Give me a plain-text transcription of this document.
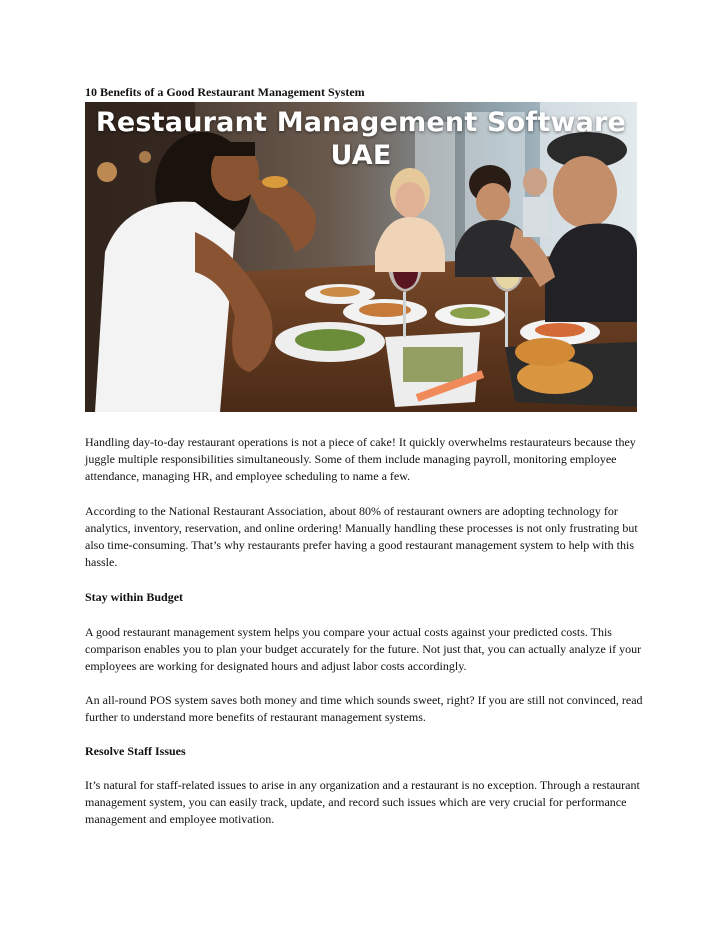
10 Benefits of a Good Restaurant Management System
Restaurant Management Software
UAE

Handling day-to-day restaurant operations is not a piece of cake! It quickly overwhelms restaurateurs because they juggle multiple responsibilities simultaneously. Some of them include managing payroll, monitoring employee attendance, managing HR, and employee scheduling to name a few.

According to the National Restaurant Association, about 80% of restaurant owners are adopting technology for analytics, inventory, reservation, and online ordering! Manually handling these processes is not only frustrating but also time-consuming. That’s why restaurants prefer having a good restaurant management system to help with this hassle.

Stay within Budget

A good restaurant management system helps you compare your actual costs against your predicted costs. This comparison enables you to plan your budget accurately for the future. Not just that, you can actually analyze if your employees are working for designated hours and adjust labor costs accordingly.

An all-round POS system saves both money and time which sounds sweet, right? If you are still not convinced, read further to understand more benefits of restaurant management systems.

Resolve Staff Issues

It’s natural for staff-related issues to arise in any organization and a restaurant is no exception. Through a restaurant management system, you can easily track, update, and record such issues which are very crucial for performance management and employee motivation.
